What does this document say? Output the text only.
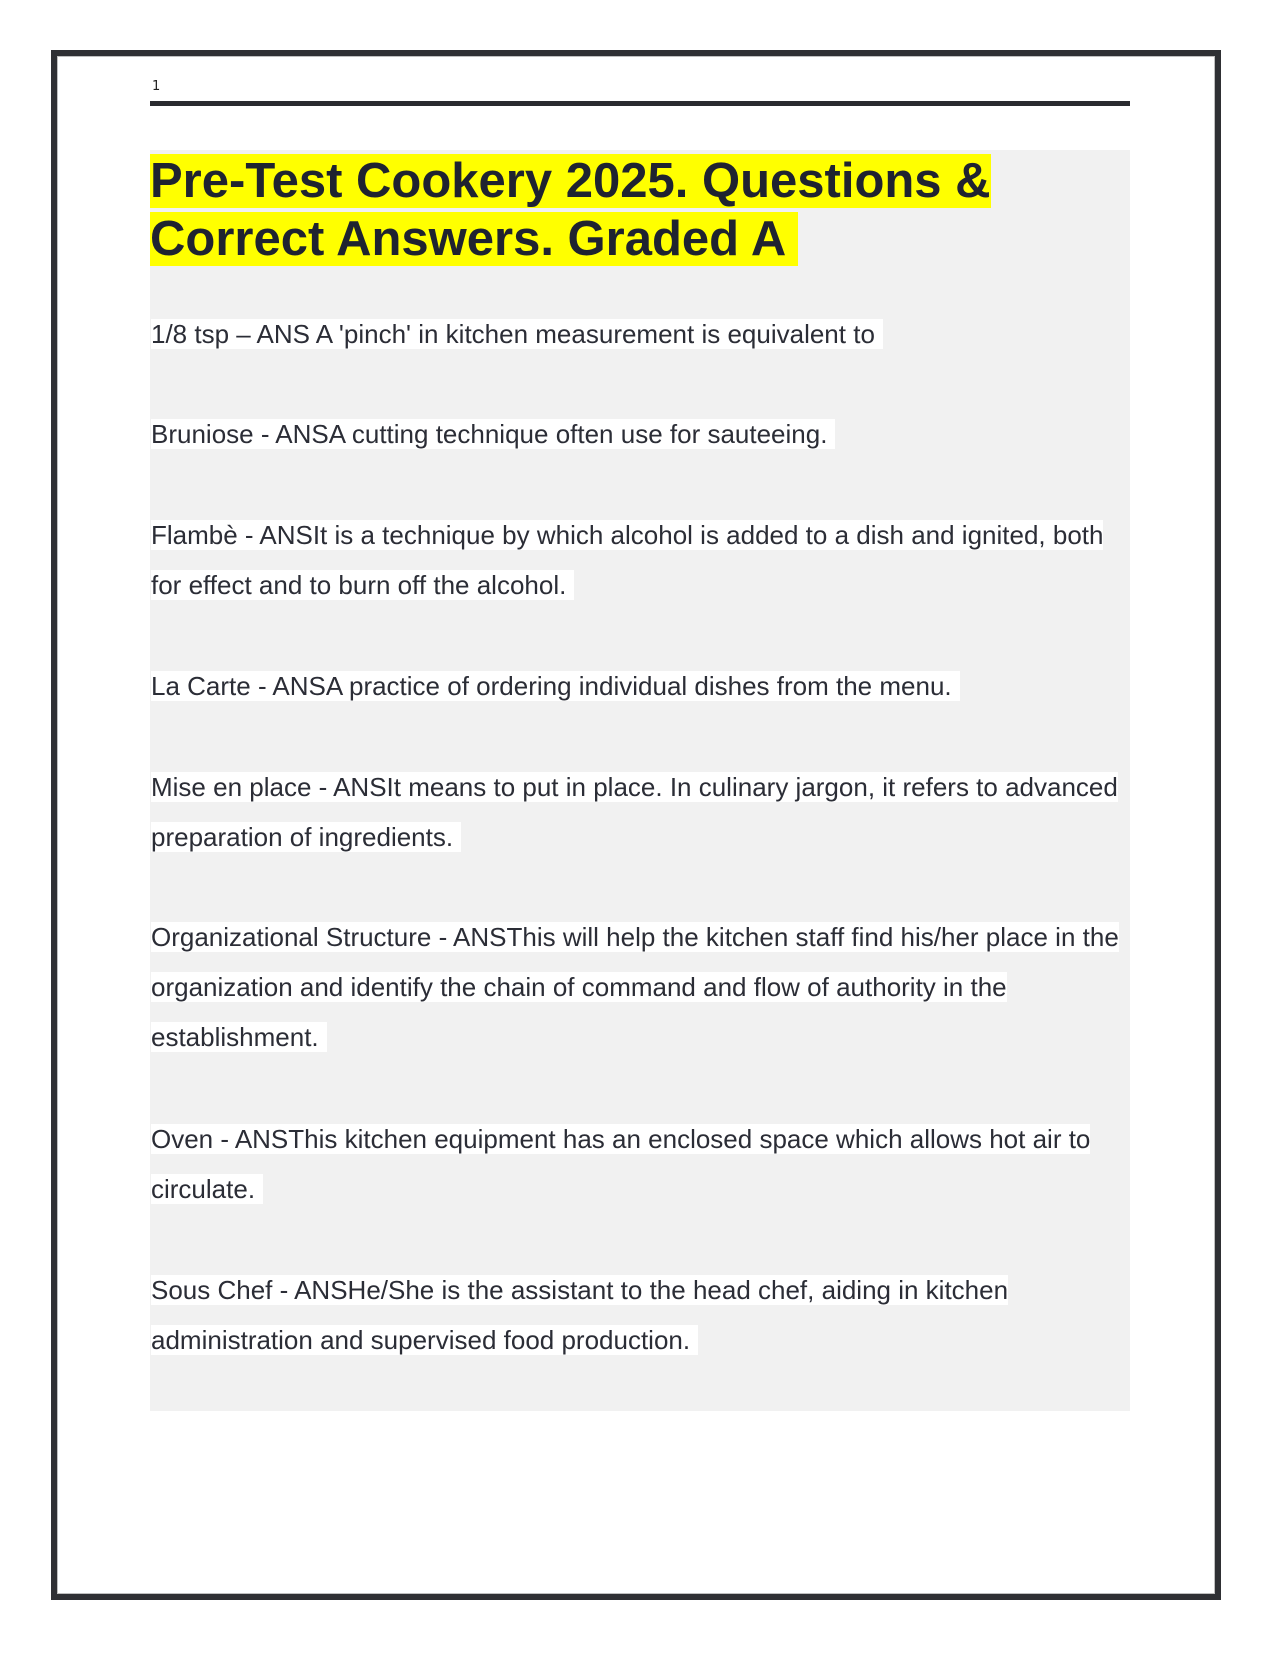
1
Pre-Test Cookery 2025. Questions & Correct Answers. Graded A

1/8 tsp – ANS A 'pinch' in kitchen measurement is equivalent to

Bruniose - ANSA cutting technique often use for sauteeing.

Flambè - ANSIt is a technique by which alcohol is added to a dish and ignited, both for effect and to burn off the alcohol.

La Carte - ANSA practice of ordering individual dishes from the menu.

Mise en place - ANSIt means to put in place. In culinary jargon, it refers to advanced preparation of ingredients.

Organizational Structure - ANSThis will help the kitchen staff find his/her place in the organization and identify the chain of command and flow of authority in the establishment.

Oven - ANSThis kitchen equipment has an enclosed space which allows hot air to circulate.

Sous Chef - ANSHe/She is the assistant to the head chef, aiding in kitchen administration and supervised food production.
